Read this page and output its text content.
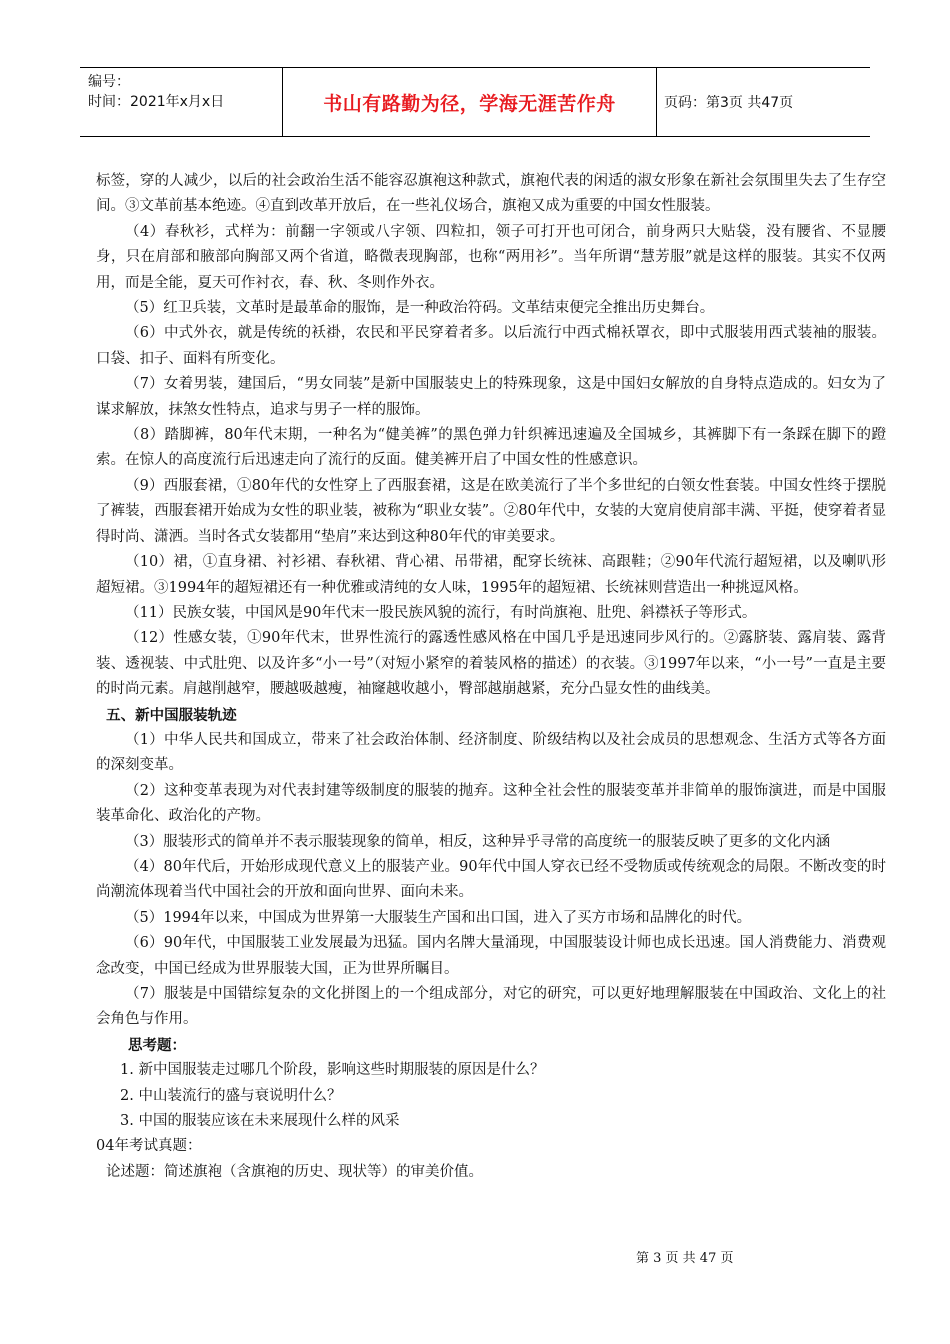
编号：
时间：2021年x月x日	书山有路勤为径，学海无涯苦作舟	页码：第3页 共47页

标签，穿的人减少，以后的社会政治生活不能容忍旗袍这种款式，旗袍代表的闲适的淑女形象在新社会氛围里失去了生存空间。③文革前基本绝迹。④直到改革开放后，在一些礼仪场合，旗袍又成为重要的中国女性服装。

（4）春秋衫，式样为：前翻一字领或八字领、四粒扣，领子可打开也可闭合，前身两只大贴袋，没有腰省、不显腰身，只在肩部和腋部向胸部又两个省道，略微表现胸部，也称“两用衫”。当年所谓“慧芳服”就是这样的服装。其实不仅两用，而是全能，夏天可作衬衣，春、秋、冬则作外衣。

（5）红卫兵装，文革时是最革命的服饰，是一种政治符码。文革结束便完全推出历史舞台。

（6）中式外衣，就是传统的袄褂，农民和平民穿着者多。以后流行中西式棉袄罩衣，即中式服装用西式装袖的服装。口袋、扣子、面料有所变化。

（7）女着男装，建国后，“男女同装”是新中国服装史上的特殊现象，这是中国妇女解放的自身特点造成的。妇女为了谋求解放，抹煞女性特点，追求与男子一样的服饰。

（8）踏脚裤，80年代末期，一种名为“健美裤”的黑色弹力针织裤迅速遍及全国城乡，其裤脚下有一条踩在脚下的蹬索。在惊人的高度流行后迅速走向了流行的反面。健美裤开启了中国女性的性感意识。

（9）西服套裙，①80年代的女性穿上了西服套裙，这是在欧美流行了半个多世纪的白领女性套装。中国女性终于摆脱了裤装，西服套裙开始成为女性的职业装，被称为“职业女装”。②80年代中，女装的大宽肩使肩部丰满、平挺，使穿着者显得时尚、潇洒。当时各式女装都用“垫肩”来达到这种80年代的审美要求。

（10）裙，①直身裙、衬衫裙、春秋裙、背心裙、吊带裙，配穿长统袜、高跟鞋；②90年代流行超短裙，以及喇叭形超短裙。③1994年的超短裙还有一种优雅或清纯的女人味，1995年的超短裙、长统袜则营造出一种挑逗风格。

（11）民族女装，中国风是90年代末一股民族风貌的流行，有时尚旗袍、肚兜、斜襟袄子等形式。

（12）性感女装，①90年代末，世界性流行的露透性感风格在中国几乎是迅速同步风行的。②露脐装、露肩装、露背装、透视装、中式肚兜、以及许多“小一号”（对短小紧窄的着装风格的描述）的衣装。③1997年以来，“小一号”一直是主要的时尚元素。肩越削越窄，腰越吸越瘦，袖窿越收越小，臀部越崩越紧，充分凸显女性的曲线美。

五、新中国服装轨迹

（1）中华人民共和国成立，带来了社会政治体制、经济制度、阶级结构以及社会成员的思想观念、生活方式等各方面的深刻变革。

（2）这种变革表现为对代表封建等级制度的服装的抛弃。这种全社会性的服装变革并非简单的服饰演进，而是中国服装革命化、政治化的产物。

（3）服装形式的简单并不表示服装现象的简单，相反，这种异乎寻常的高度统一的服装反映了更多的文化内涵

（4）80年代后，开始形成现代意义上的服装产业。90年代中国人穿衣已经不受物质或传统观念的局限。不断改变的时尚潮流体现着当代中国社会的开放和面向世界、面向未来。

（5）1994年以来，中国成为世界第一大服装生产国和出口国，进入了买方市场和品牌化的时代。

（6）90年代，中国服装工业发展最为迅猛。国内名牌大量涌现，中国服装设计师也成长迅速。国人消费能力、消费观念改变，中国已经成为世界服装大国，正为世界所瞩目。

（7）服装是中国错综复杂的文化拼图上的一个组成部分，对它的研究，可以更好地理解服装在中国政治、文化上的社会角色与作用。

思考题：

1. 新中国服装走过哪几个阶段，影响这些时期服装的原因是什么？

2. 中山装流行的盛与衰说明什么？

3. 中国的服装应该在未来展现什么样的风采

04年考试真题：

论述题：简述旗袍（含旗袍的历史、现状等）的审美价值。

第 3 页 共 47 页
